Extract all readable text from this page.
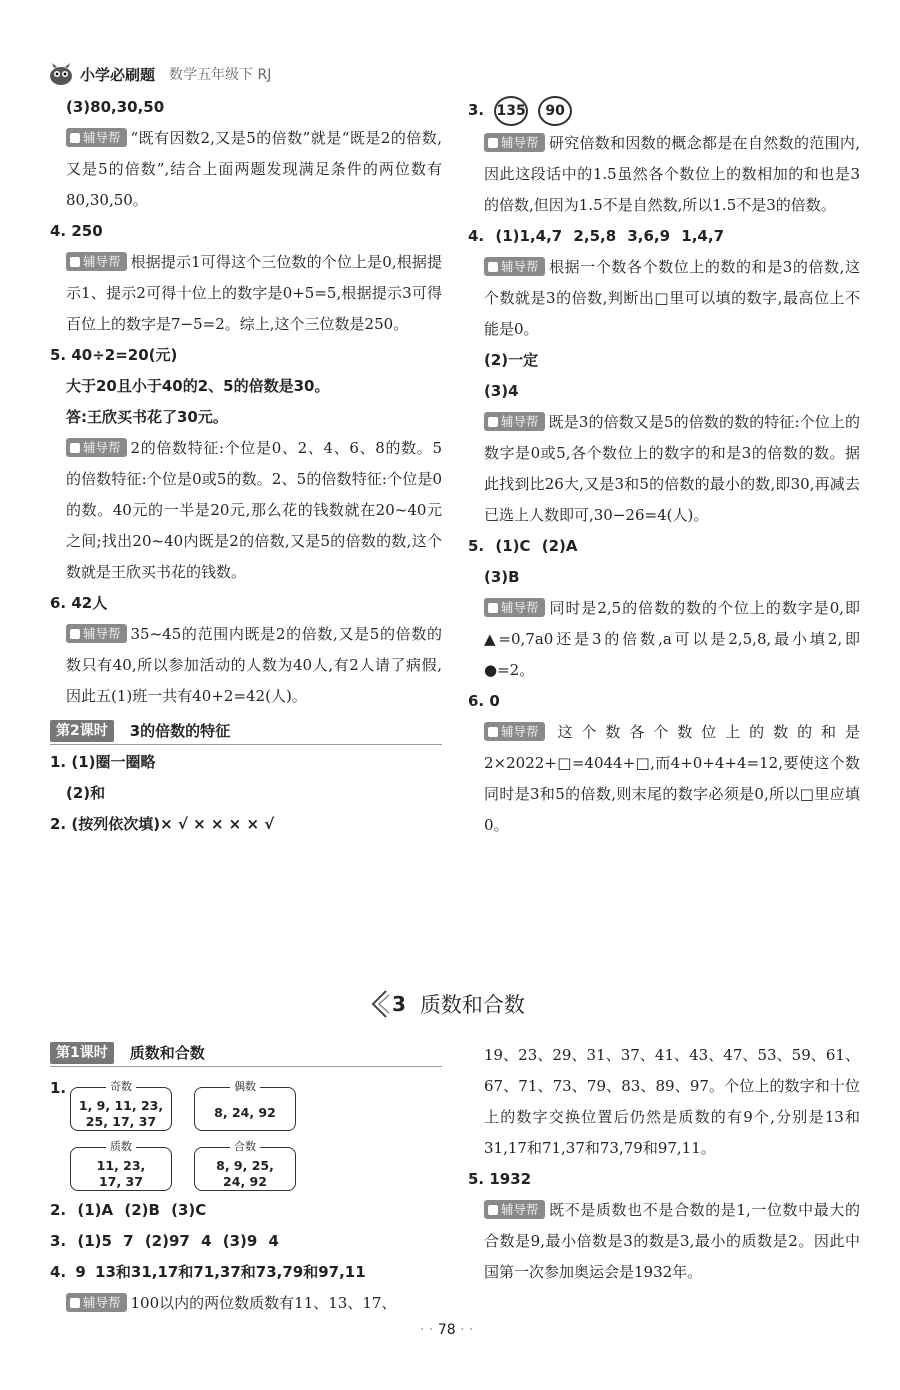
小学必刷题 数学五年级下 RJ

(3)80,30,50

辅导帮 “既有因数2,又是5的倍数”就是“既是2的倍数,又是5的倍数”,结合上面两题发现满足条件的两位数有80,30,50。

4. 250

辅导帮 根据提示1可得这个三位数的个位上是0,根据提示1、提示2可得十位上的数字是0+5=5,根据提示3可得百位上的数字是7−5=2。综上,这个三位数是250。

5. 40÷2=20(元)

大于20且小于40的2、5的倍数是30。

答:王欣买书花了30元。

辅导帮 2的倍数特征:个位是0、2、4、6、8的数。5的倍数特征:个位是0或5的数。2、5的倍数特征:个位是0的数。40元的一半是20元,那么花的钱数就在20~40元之间;找出20~40内既是2的倍数,又是5的倍数的数,这个数就是王欣买书花的钱数。

6. 42人

辅导帮 35~45的范围内既是2的倍数,又是5的倍数的数只有40,所以参加活动的人数为40人,有2人请了病假,因此五(1)班一共有40+2=42(人)。

第2课时	3的倍数的特征

1. (1)圈一圈略

(2)和

2. (按列依次填)× √ × × × × √

3. 135 90

辅导帮 研究倍数和因数的概念都是在自然数的范围内,因此这段话中的1.5虽然各个数位上的数相加的和也是3的倍数,但因为1.5不是自然数,所以1.5不是3的倍数。

4. (1)1,4,7 2,5,8 3,6,9 1,4,7

辅导帮 根据一个数各个数位上的数的和是3的倍数,这个数就是3的倍数,判断出□里可以填的数字,最高位上不能是0。

(2)一定

(3)4

辅导帮 既是3的倍数又是5的倍数的数的特征:个位上的数字是0或5,各个数位上的数字的和是3的倍数的数。据此找到比26大,又是3和5的倍数的最小的数,即30,再减去已选上人数即可,30−26=4(人)。

5. (1)C (2)A

(3)B

辅导帮 同时是2,5的倍数的数的个位上的数字是0,即▲=0,7a0还是3的倍数,a可以是2,5,8,最小填2,即●=2。

6. 0

辅导帮 这个数各个数位上的数的和是2×2022+□=4044+□,而4+0+4+4=12,要使这个数同时是3和5的倍数,则末尾的数字必须是0,所以□里应填0。

3 质数和合数
第1课时	质数和合数
1.	奇数
1, 9, 11, 23,
25, 17, 37
偶数
8, 24, 92
质数
11, 23,
17, 37
合数
8, 9, 25,
24, 92

2. (1)A (2)B (3)C

3. (1)5 7 (2)97 4 (3)9 4

4. 9 13和31,17和71,37和73,79和97,11

辅导帮 100以内的两位数质数有11、13、17、

19、23、29、31、37、41、43、47、53、59、61、67、71、73、79、83、89、97。个位上的数字和十位上的数字交换位置后仍然是质数的有9个,分别是13和31,17和71,37和73,79和97,11。

5. 1932

辅导帮 既不是质数也不是合数的是1,一位数中最大的合数是9,最小倍数是3的数是3,最小的质数是2。因此中国第一次参加奥运会是1932年。

· · 78 · ·
